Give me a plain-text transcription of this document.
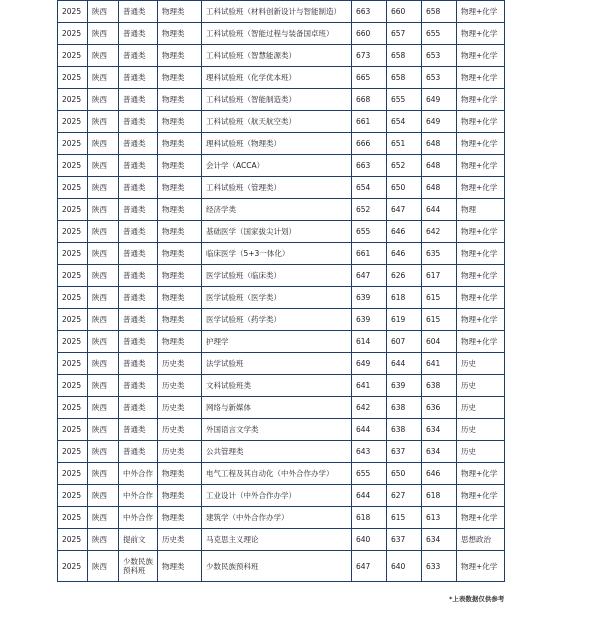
2025	陕西	普通类	物理类	工科试验班（材料创新设计与智能制造）	663	660	658	物理+化学
2025	陕西	普通类	物理类	工科试验班（智能过程与装备国卓班）	660	657	655	物理+化学
2025	陕西	普通类	物理类	工科试验班（智慧能源类）	673	658	653	物理+化学
2025	陕西	普通类	物理类	理科试验班（化学优本班）	665	658	653	物理+化学
2025	陕西	普通类	物理类	工科试验班（智能制造类）	668	655	649	物理+化学
2025	陕西	普通类	物理类	工科试验班（航天航空类）	661	654	649	物理+化学
2025	陕西	普通类	物理类	理科试验班（物理类）	666	651	648	物理+化学
2025	陕西	普通类	物理类	会计学（ACCA）	663	652	648	物理+化学
2025	陕西	普通类	物理类	工科试验班（管理类）	654	650	648	物理+化学
2025	陕西	普通类	物理类	经济学类	652	647	644	物理
2025	陕西	普通类	物理类	基础医学（国家拔尖计划）	655	646	642	物理+化学
2025	陕西	普通类	物理类	临床医学（5+3一体化）	661	646	635	物理+化学
2025	陕西	普通类	物理类	医学试验班（临床类）	647	626	617	物理+化学
2025	陕西	普通类	物理类	医学试验班（医学类）	639	618	615	物理+化学
2025	陕西	普通类	物理类	医学试验班（药学类）	639	619	615	物理+化学
2025	陕西	普通类	物理类	护理学	614	607	604	物理+化学
2025	陕西	普通类	历史类	法学试验班	649	644	641	历史
2025	陕西	普通类	历史类	文科试验班类	641	639	638	历史
2025	陕西	普通类	历史类	网络与新媒体	642	638	636	历史
2025	陕西	普通类	历史类	外国语言文学类	644	638	634	历史
2025	陕西	普通类	历史类	公共管理类	643	637	634	历史
2025	陕西	中外合作	物理类	电气工程及其自动化（中外合作办学）	655	650	646	物理+化学
2025	陕西	中外合作	物理类	工业设计（中外合作办学）	644	627	618	物理+化学
2025	陕西	中外合作	物理类	建筑学（中外合作办学）	618	615	613	物理+化学
2025	陕西	提前文	历史类	马克思主义理论	640	637	634	思想政治
2025	陕西	少数民族预科班	物理类	少数民族预科班	647	640	633	物理+化学
*上表数据仅供参考
